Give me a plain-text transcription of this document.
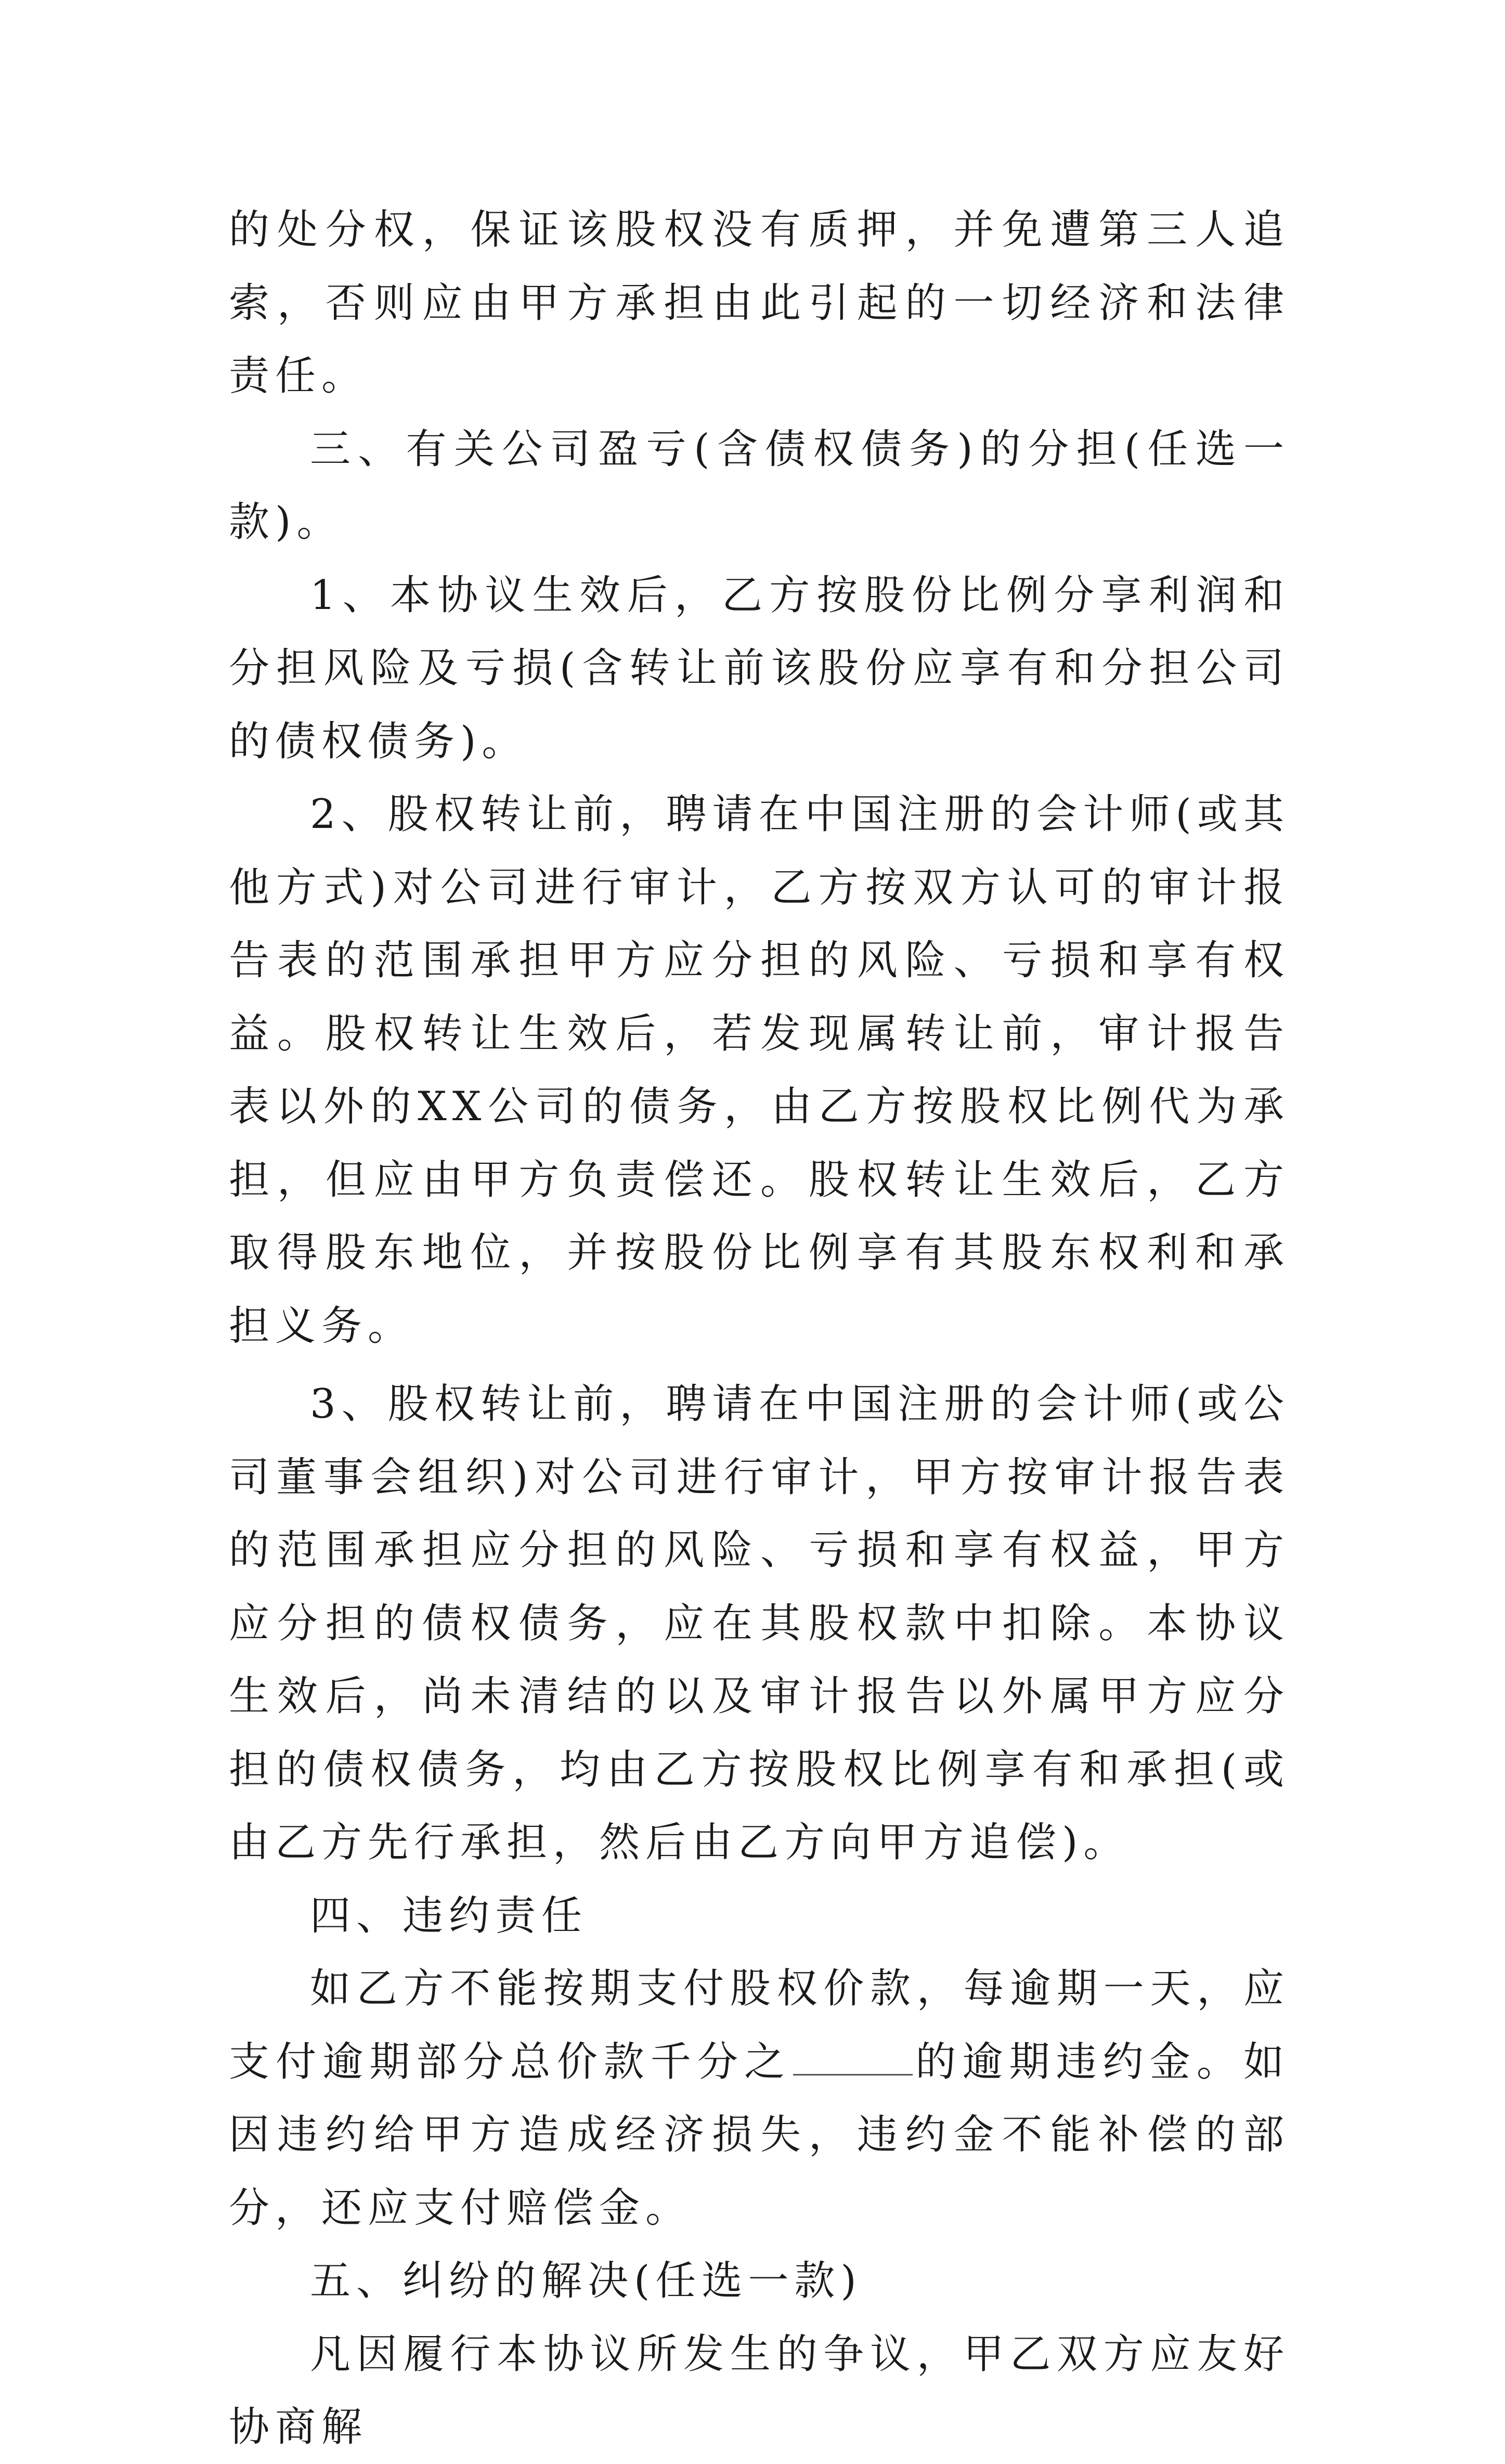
的处分权，保证该股权没有质押，并免遭第三人追索，否则应由甲方承担由此引起的一切经济和法律责任。

三、有关公司盈亏(含债权债务)的分担(任选一款)。

1、本协议生效后，乙方按股份比例分享利润和分担风险及亏损(含转让前该股份应享有和分担公司的债权债务)。

2、股权转让前，聘请在中国注册的会计师(或其他方式)对公司进行审计，乙方按双方认可的审计报告表的范围承担甲方应分担的风险、亏损和享有权益。股权转让生效后，若发现属转让前，审计报告表以外的XX公司的债务，由乙方按股权比例代为承担，但应由甲方负责偿还。股权转让生效后，乙方取得股东地位，并按股份比例享有其股东权利和承担义务。

3、股权转让前，聘请在中国注册的会计师(或公司董事会组织)对公司进行审计，甲方按审计报告表的范围承担应分担的风险、亏损和享有权益，甲方应分担的债权债务，应在其股权款中扣除。本协议生效后，尚未清结的以及审计报告以外属甲方应分担的债权债务，均由乙方按股权比例享有和承担(或由乙方先行承担，然后由乙方向甲方追偿)。

四、违约责任

如乙方不能按期支付股权价款，每逾期一天，应支付逾期部分总价款千分之	的逾期违约金。如因违约给甲方造成经济损失，违约金不能补偿的部分，还应支付赔偿金。

五、纠纷的解决(任选一款)

凡因履行本协议所发生的争议，甲乙双方应友好协商解
